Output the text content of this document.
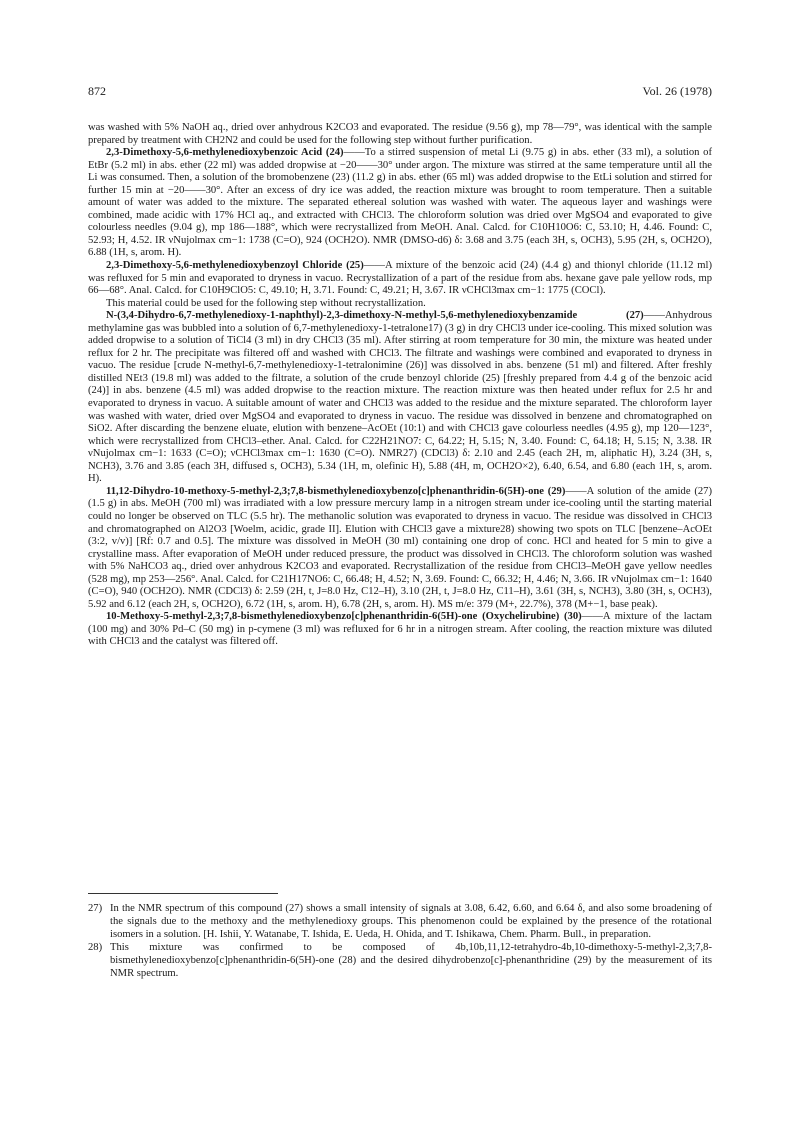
872	Vol. 26 (1978)

was washed with 5% NaOH aq., dried over anhydrous K2CO3 and evaporated. The residue (9.56 g), mp 78—79°, was identical with the sample prepared by treatment with CH2N2 and could be used for the following step without further purification.

2,3-Dimethoxy-5,6-methylenedioxybenzoic Acid (24)——To a stirred suspension of metal Li (9.75 g) in abs. ether (33 ml), a solution of EtBr (5.2 ml) in abs. ether (22 ml) was added dropwise at −20——30° under argon. The mixture was stirred at the same temperature until all the Li was consumed. Then, a solution of the bromobenzene (23) (11.2 g) in abs. ether (65 ml) was added dropwise to the EtLi solution and stirred for further 15 min at −20——30°. After an excess of dry ice was added, the reaction mixture was brought to room temperature. Then a suitable amount of water was added to the mixture. The separated ethereal solution was washed with water. The aqueous layer and washings were combined, made acidic with 17% HCl aq., and extracted with CHCl3. The chloroform solution was dried over MgSO4 and evaporated to give colourless needles (9.04 g), mp 186—188°, which were recrystallized from MeOH. Anal. Calcd. for C10H10O6: C, 53.10; H, 4.46. Found: C, 52.93; H, 4.52. IR νNujolmax cm−1: 1738 (C=O), 924 (OCH2O). NMR (DMSO-d6) δ: 3.68 and 3.75 (each 3H, s, OCH3), 5.95 (2H, s, OCH2O), 6.88 (1H, s, arom. H).

2,3-Dimethoxy-5,6-methylenedioxybenzoyl Chloride (25)——A mixture of the benzoic acid (24) (4.4 g) and thionyl chloride (11.12 ml) was refluxed for 5 min and evaporated to dryness in vacuo. Recrystallization of a part of the residue from abs. hexane gave pale yellow rods, mp 66—68°. Anal. Calcd. for C10H9ClO5: C, 49.10; H, 3.71. Found: C, 49.21; H, 3.67. IR νCHCl3max cm−1: 1775 (COCl).

This material could be used for the following step without recrystallization.

N-(3,4-Dihydro-6,7-methylenedioxy-1-naphthyl)-2,3-dimethoxy-N-methyl-5,6-methylenedioxybenzamide (27)——Anhydrous methylamine gas was bubbled into a solution of 6,7-methylenedioxy-1-tetralone17) (3 g) in dry CHCl3 under ice-cooling. This mixed solution was added dropwise to a solution of TiCl4 (3 ml) in dry CHCl3 (35 ml). After stirring at room temperature for 30 min, the mixture was heated under reflux for 2 hr. The precipitate was filtered off and washed with CHCl3. The filtrate and washings were combined and evaporated to dryness in vacuo. The residue [crude N-methyl-6,7-methylenedioxy-1-tetralonimine (26)] was dissolved in abs. benzene (51 ml) and filtered. After freshly distilled NEt3 (19.8 ml) was added to the filtrate, a solution of the crude benzoyl chloride (25) [freshly prepared from 4.4 g of the benzoic acid (24)] in abs. benzene (4.5 ml) was added dropwise to the reaction mixture. The reaction mixture was then heated under reflux for 2.5 hr and evaporated to dryness in vacuo. A suitable amount of water and CHCl3 was added to the residue and the mixture separated. The chloroform layer was washed with water, dried over MgSO4 and evaporated to dryness in vacuo. The residue was dissolved in benzene and chromatographed on SiO2. After discarding the benzene eluate, elution with benzene–AcOEt (10:1) and with CHCl3 gave colourless needles (4.95 g), mp 120—123°, which were recrystallized from CHCl3–ether. Anal. Calcd. for C22H21NO7: C, 64.22; H, 5.15; N, 3.40. Found: C, 64.18; H, 5.15; N, 3.38. IR νNujolmax cm−1: 1633 (C=O); νCHCl3max cm−1: 1630 (C=O). NMR27) (CDCl3) δ: 2.10 and 2.45 (each 2H, m, aliphatic H), 3.24 (3H, s, NCH3), 3.76 and 3.85 (each 3H, diffused s, OCH3), 5.34 (1H, m, olefinic H), 5.88 (4H, m, OCH2O×2), 6.40, 6.54, and 6.80 (each 1H, s, arom. H).

11,12-Dihydro-10-methoxy-5-methyl-2,3;7,8-bismethylenedioxybenzo[c]phenanthridin-6(5H)-one (29)——A solution of the amide (27) (1.5 g) in abs. MeOH (700 ml) was irradiated with a low pressure mercury lamp in a nitrogen stream under ice-cooling until the starting material could no longer be observed on TLC (5.5 hr). The methanolic solution was evaporated to dryness in vacuo. The residue was dissolved in CHCl3 and chromatographed on Al2O3 [Woelm, acidic, grade II]. Elution with CHCl3 gave a mixture28) showing two spots on TLC [benzene–AcOEt (3:2, v/v)] [Rf: 0.7 and 0.5]. The mixture was dissolved in MeOH (30 ml) containing one drop of conc. HCl and heated for 5 min to give a crystalline mass. After evaporation of MeOH under reduced pressure, the product was dissolved in CHCl3. The chloroform solution was washed with 5% NaHCO3 aq., dried over anhydrous K2CO3 and evaporated. Recrystallization of the residue from CHCl3–MeOH gave yellow needles (528 mg), mp 253—256°. Anal. Calcd. for C21H17NO6: C, 66.48; H, 4.52; N, 3.69. Found: C, 66.32; H, 4.46; N, 3.66. IR νNujolmax cm−1: 1640 (C=O), 940 (OCH2O). NMR (CDCl3) δ: 2.59 (2H, t, J=8.0 Hz, C12–H), 3.10 (2H, t, J=8.0 Hz, C11–H), 3.61 (3H, s, NCH3), 3.80 (3H, s, OCH3), 5.92 and 6.12 (each 2H, s, OCH2O), 6.72 (1H, s, arom. H), 6.78 (2H, s, arom. H). MS m/e: 379 (M+, 22.7%), 378 (M+−1, base peak).

10-Methoxy-5-methyl-2,3;7,8-bismethylenedioxybenzo[c]phenanthridin-6(5H)-one (Oxychelirubine) (30)——A mixture of the lactam (100 mg) and 30% Pd–C (50 mg) in p-cymene (3 ml) was refluxed for 6 hr in a nitrogen stream. After cooling, the reaction mixture was diluted with CHCl3 and the catalyst was filtered off.

27) In the NMR spectrum of this compound (27) shows a small intensity of signals at 3.08, 6.42, 6.60, and 6.64 δ, and also some broadening of the signals due to the methoxy and the methylenedioxy groups. This phenomenon could be explained by the presence of the rotational isomers in a solution. [H. Ishii, Y. Watanabe, T. Ishida, E. Ueda, H. Ohida, and T. Ishikawa, Chem. Pharm. Bull., in preparation.
28) This mixture was confirmed to be composed of 4b,10b,11,12-tetrahydro-4b,10-dimethoxy-5-methyl-2,3;7,8-bismethylenedioxybenzo[c]phenanthridin-6(5H)-one (28) and the desired dihydrobenzo[c]-phenanthridine (29) by the measurement of its NMR spectrum.
